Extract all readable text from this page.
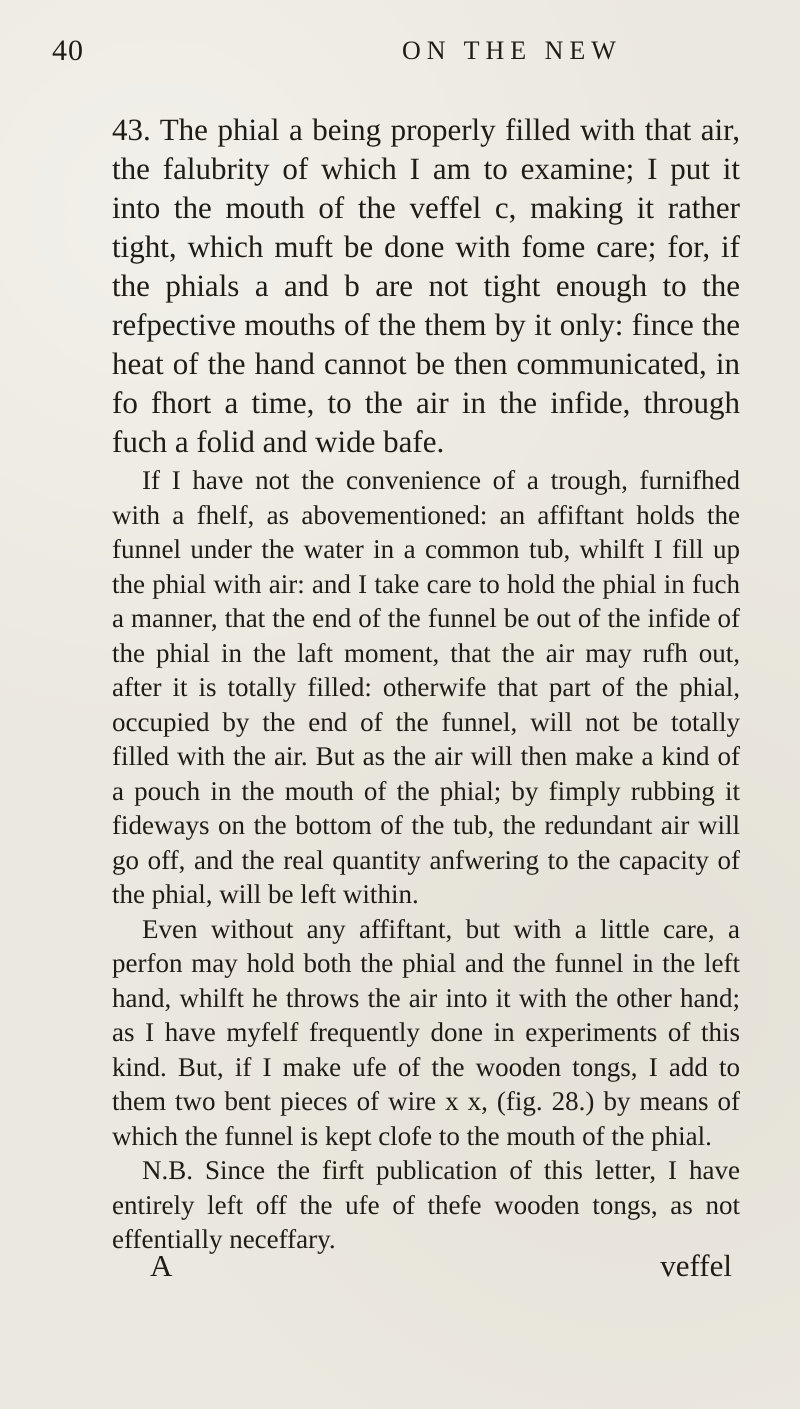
40	ON THE NEW

43. The phial a being properly filled with that air, the falubrity of which I am to examine; I put it into the mouth of the veffel c, making it rather tight, which muft be done with fome care; for, if the phials a and b are not tight enough to the refpective mouths of the them by it only: fince the heat of the hand cannot be then communicated, in fo fhort a time, to the air in the infide, through fuch a folid and wide bafe.

If I have not the convenience of a trough, furnifhed with a fhelf, as abovementioned: an affiftant holds the funnel under the water in a common tub, whilft I fill up the phial with air: and I take care to hold the phial in fuch a manner, that the end of the funnel be out of the infide of the phial in the laft moment, that the air may rufh out, after it is totally filled: otherwife that part of the phial, occupied by the end of the funnel, will not be totally filled with the air. But as the air will then make a kind of a pouch in the mouth of the phial; by fimply rubbing it fideways on the bottom of the tub, the redundant air will go off, and the real quantity anfwering to the capacity of the phial, will be left within.

Even without any affiftant, but with a little care, a perfon may hold both the phial and the funnel in the left hand, whilft he throws the air into it with the other hand; as I have myfelf frequently done in experiments of this kind. But, if I make ufe of the wooden tongs, I add to them two bent pieces of wire x x, (fig. 28.) by means of which the funnel is kept clofe to the mouth of the phial.

N.B. Since the firft publication of this letter, I have entirely left off the ufe of thefe wooden tongs, as not effentially neceffary.

A	veffel
